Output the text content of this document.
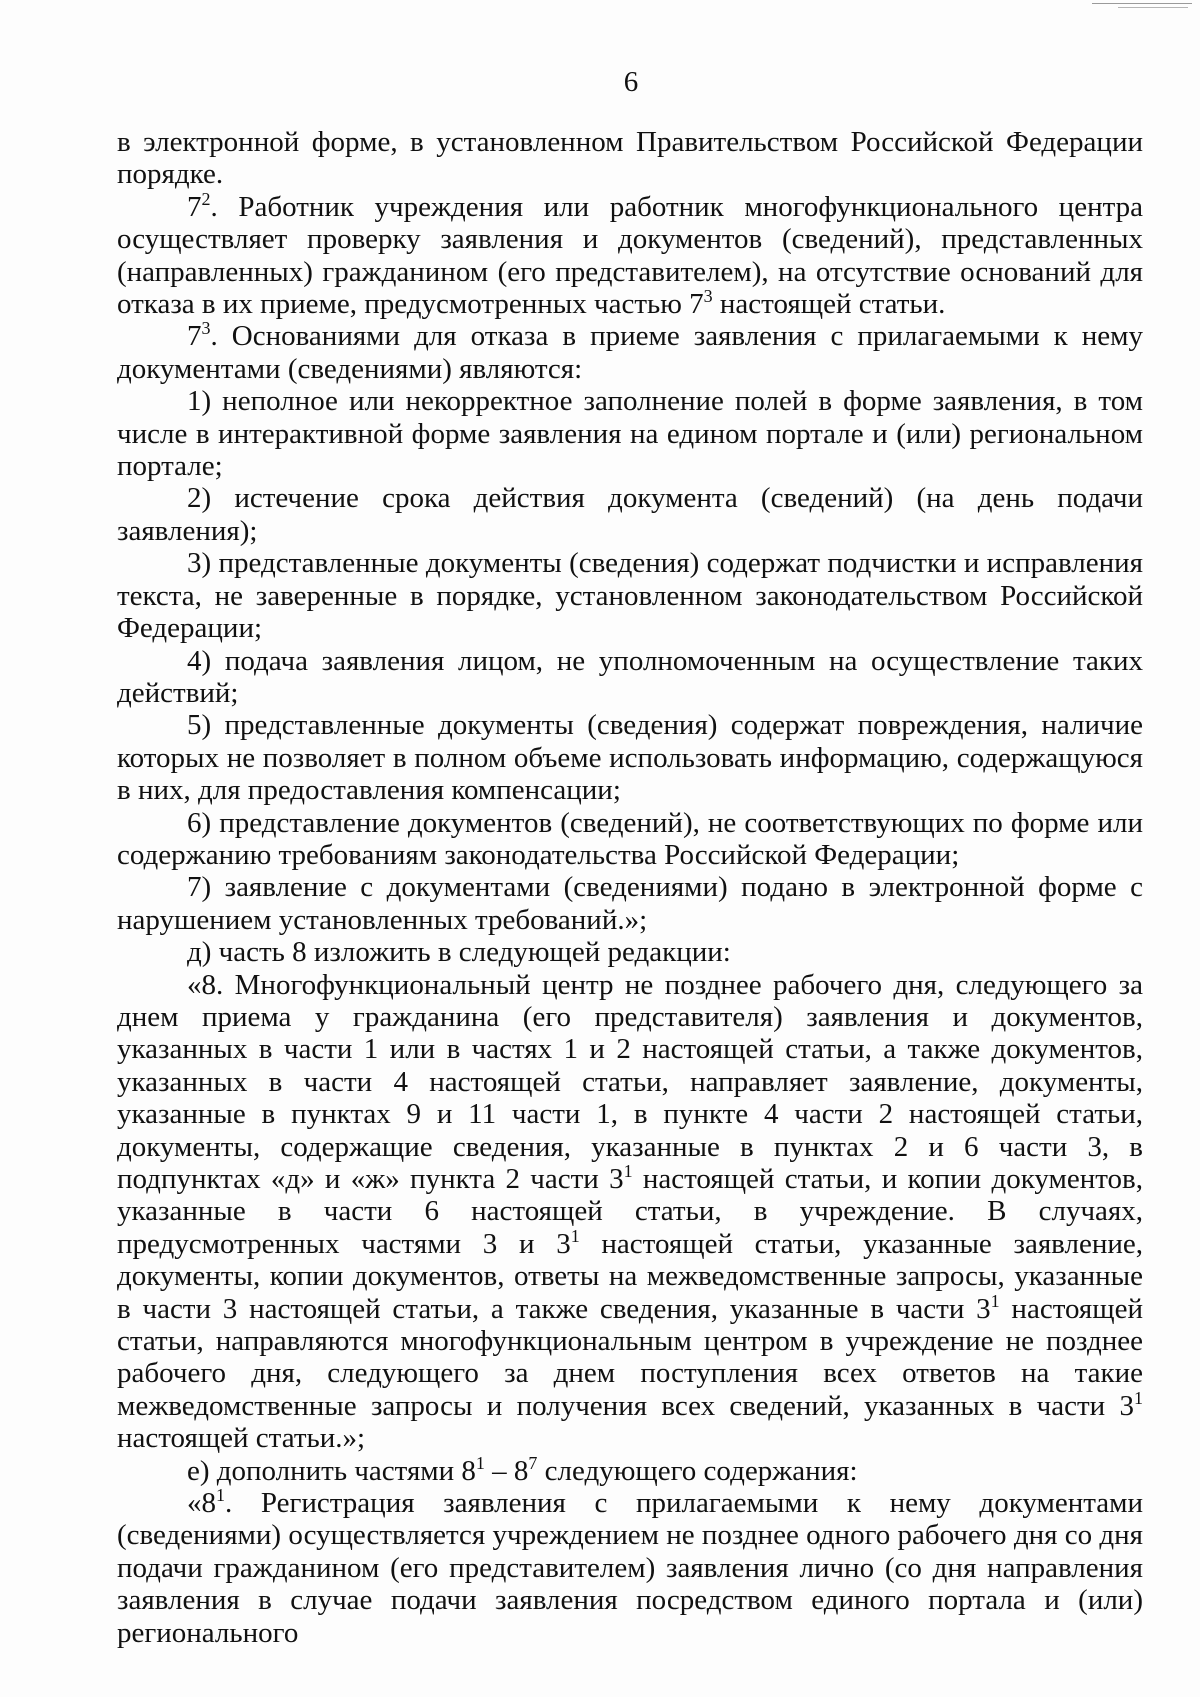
6

в электронной форме, в установленном Правительством Российской Федерации порядке.

$7^2$. Работник учреждения или работник многофункционального центра осуществляет проверку заявления и документов (сведений), представленных (направленных) гражданином (его представителем), на отсутствие оснований для отказа в их приеме, предусмотренных частью $7^3$ настоящей статьи.

$7^3$. Основаниями для отказа в приеме заявления с прилагаемыми к нему документами (сведениями) являются:

1) неполное или некорректное заполнение полей в форме заявления, в том числе в интерактивной форме заявления на едином портале и (или) региональном портале;

2) истечение срока действия документа (сведений) (на день подачи заявления);

3) представленные документы (сведения) содержат подчистки и исправления текста, не заверенные в порядке, установленном законодательством Российской Федерации;

4) подача заявления лицом, не уполномоченным на осуществление таких действий;

5) представленные документы (сведения) содержат повреждения, наличие которых не позволяет в полном объеме использовать информацию, содержащуюся в них, для предоставления компенсации;

6) представление документов (сведений), не соответствующих по форме или содержанию требованиям законодательства Российской Федерации;

7) заявление с документами (сведениями) подано в электронной форме с нарушением установленных требований.»;

д) часть 8 изложить в следующей редакции:

«8. Многофункциональный центр не позднее рабочего дня, следующего за днем приема у гражданина (его представителя) заявления и документов, указанных в части 1 или в частях 1 и 2 настоящей статьи, а также документов, указанных в части 4 настоящей статьи, направляет заявление, документы, указанные в пунктах 9 и 11 части 1, в пункте 4 части 2 настоящей статьи, документы, содержащие сведения, указанные в пунктах 2 и 6 части 3, в подпунктах «д» и «ж» пункта 2 части $3^1$ настоящей статьи, и копии документов, указанные в части 6 настоящей статьи, в учреждение. В случаях, предусмотренных частями 3 и $3^1$ настоящей статьи, указанные заявление, документы, копии документов, ответы на межведомственные запросы, указанные в части 3 настоящей статьи, а также сведения, указанные в части $3^1$ настоящей статьи, направляются многофункциональным центром в учреждение не позднее рабочего дня, следующего за днем поступления всех ответов на такие межведомственные запросы и получения всех сведений, указанных в части $3^1$ настоящей статьи.»;

е) дополнить частями $8^1 - 8^7$ следующего содержания:

«$8^1$. Регистрация заявления с прилагаемыми к нему документами (сведениями) осуществляется учреждением не позднее одного рабочего дня со дня подачи гражданином (его представителем) заявления лично (со дня направления заявления в случае подачи заявления посредством единого портала и (или) регионального
